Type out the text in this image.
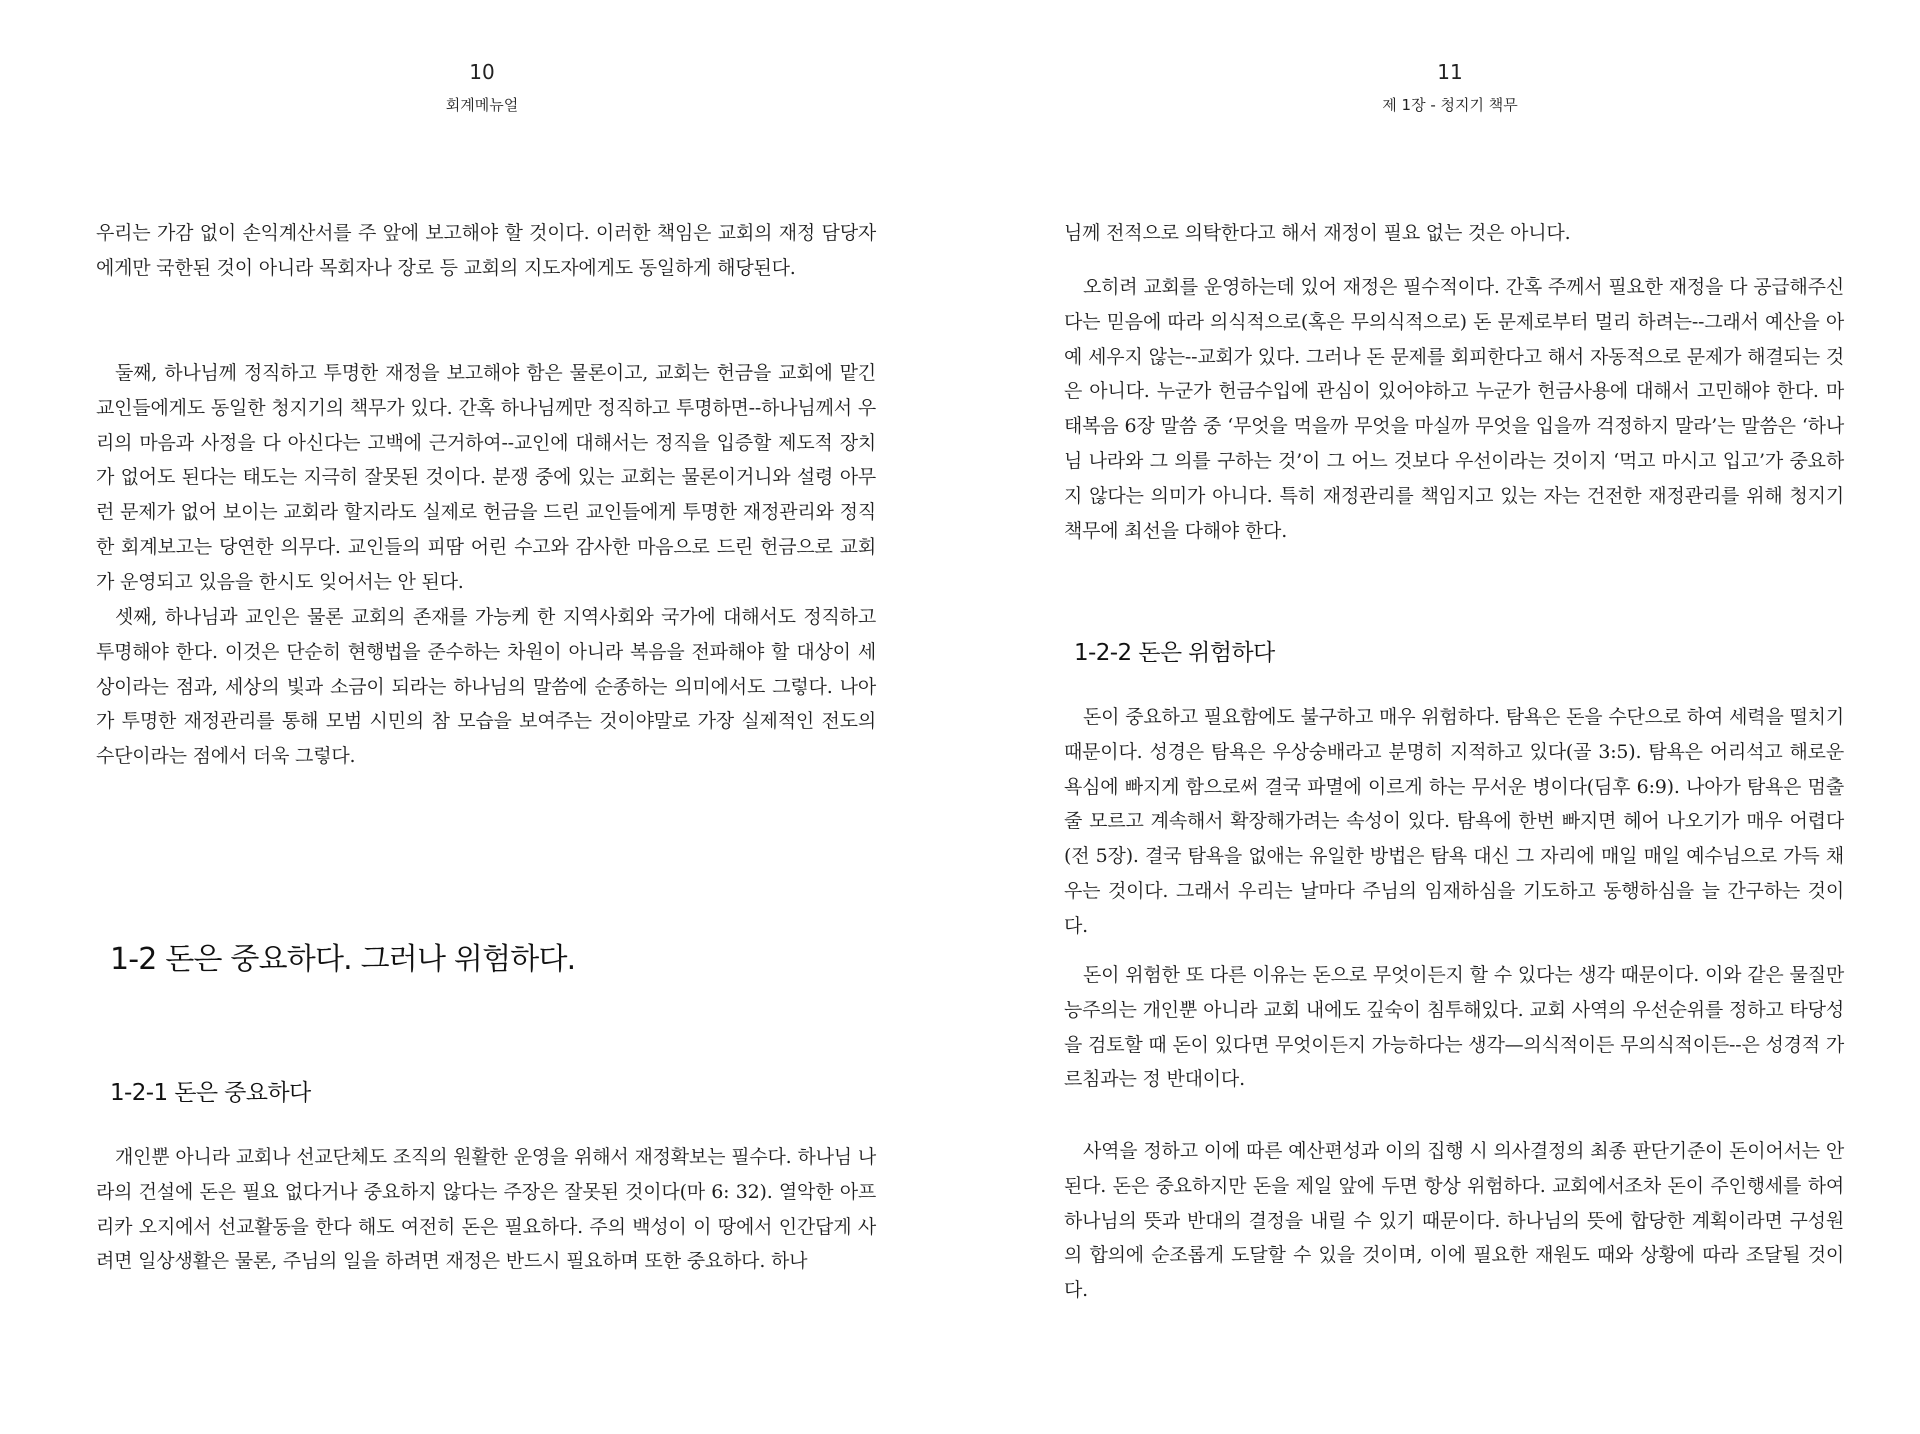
10
회계메뉴얼

우리는 가감 없이 손익계산서를 주 앞에 보고해야 할 것이다. 이러한 책임은 교회의 재정 담당자에게만 국한된 것이 아니라 목회자나 장로 등 교회의 지도자에게도 동일하게 해당된다.

둘째, 하나님께 정직하고 투명한 재정을 보고해야 함은 물론이고, 교회는 헌금을 교회에 맡긴 교인들에게도 동일한 청지기의 책무가 있다. 간혹 하나님께만 정직하고 투명하면--하나님께서 우리의 마음과 사정을 다 아신다는 고백에 근거하여--교인에 대해서는 정직을 입증할 제도적 장치가 없어도 된다는 태도는 지극히 잘못된 것이다. 분쟁 중에 있는 교회는 물론이거니와 설령 아무런 문제가 없어 보이는 교회라 할지라도 실제로 헌금을 드린 교인들에게 투명한 재정관리와 정직한 회계보고는 당연한 의무다. 교인들의 피땀 어린 수고와 감사한 마음으로 드린 헌금으로 교회가 운영되고 있음을 한시도 잊어서는 안 된다.

셋째, 하나님과 교인은 물론 교회의 존재를 가능케 한 지역사회와 국가에 대해서도 정직하고 투명해야 한다. 이것은 단순히 현행법을 준수하는 차원이 아니라 복음을 전파해야 할 대상이 세상이라는 점과, 세상의 빛과 소금이 되라는 하나님의 말씀에 순종하는 의미에서도 그렇다. 나아가 투명한 재정관리를 통해 모범 시민의 참 모습을 보여주는 것이야말로 가장 실제적인 전도의 수단이라는 점에서 더욱 그렇다.

1-2 돈은 중요하다. 그러나 위험하다.
1-2-1 돈은 중요하다

개인뿐 아니라 교회나 선교단체도 조직의 원활한 운영을 위해서 재정확보는 필수다. 하나님 나라의 건설에 돈은 필요 없다거나 중요하지 않다는 주장은 잘못된 것이다(마 6: 32). 열악한 아프리카 오지에서 선교활동을 한다 해도 여전히 돈은 필요하다. 주의 백성이 이 땅에서 인간답게 사려면 일상생활은 물론, 주님의 일을 하려면 재정은 반드시 필요하며 또한 중요하다. 하나

11
제 1장 - 청지기 책무

님께 전적으로 의탁한다고 해서 재정이 필요 없는 것은 아니다.

오히려 교회를 운영하는데 있어 재정은 필수적이다. 간혹 주께서 필요한 재정을 다 공급해주신다는 믿음에 따라 의식적으로(혹은 무의식적으로) 돈 문제로부터 멀리 하려는--그래서 예산을 아예 세우지 않는--교회가 있다. 그러나 돈 문제를 회피한다고 해서 자동적으로 문제가 해결되는 것은 아니다. 누군가 헌금수입에 관심이 있어야하고 누군가 헌금사용에 대해서 고민해야 한다. 마태복음 6장 말씀 중 ‘무엇을 먹을까 무엇을 마실까 무엇을 입을까 걱정하지 말라’는 말씀은 ‘하나님 나라와 그 의를 구하는 것’이 그 어느 것보다 우선이라는 것이지 ‘먹고 마시고 입고’가 중요하지 않다는 의미가 아니다. 특히 재정관리를 책임지고 있는 자는 건전한 재정관리를 위해 청지기 책무에 최선을 다해야 한다.

1-2-2 돈은 위험하다

돈이 중요하고 필요함에도 불구하고 매우 위험하다. 탐욕은 돈을 수단으로 하여 세력을 떨치기 때문이다. 성경은 탐욕은 우상숭배라고 분명히 지적하고 있다(골 3:5). 탐욕은 어리석고 해로운 욕심에 빠지게 함으로써 결국 파멸에 이르게 하는 무서운 병이다(딤후 6:9). 나아가 탐욕은 멈출 줄 모르고 계속해서 확장해가려는 속성이 있다. 탐욕에 한번 빠지면 헤어 나오기가 매우 어렵다(전 5장). 결국 탐욕을 없애는 유일한 방법은 탐욕 대신 그 자리에 매일 매일 예수님으로 가득 채우는 것이다. 그래서 우리는 날마다 주님의 임재하심을 기도하고 동행하심을 늘 간구하는 것이다.

돈이 위험한 또 다른 이유는 돈으로 무엇이든지 할 수 있다는 생각 때문이다. 이와 같은 물질만능주의는 개인뿐 아니라 교회 내에도 깊숙이 침투해있다. 교회 사역의 우선순위를 정하고 타당성을 검토할 때 돈이 있다면 무엇이든지 가능하다는 생각—의식적이든 무의식적이든--은 성경적 가르침과는 정 반대이다.

사역을 정하고 이에 따른 예산편성과 이의 집행 시 의사결정의 최종 판단기준이 돈이어서는 안된다. 돈은 중요하지만 돈을 제일 앞에 두면 항상 위험하다. 교회에서조차 돈이 주인행세를 하여 하나님의 뜻과 반대의 결정을 내릴 수 있기 때문이다. 하나님의 뜻에 합당한 계획이라면 구성원의 합의에 순조롭게 도달할 수 있을 것이며, 이에 필요한 재원도 때와 상황에 따라 조달될 것이다.
